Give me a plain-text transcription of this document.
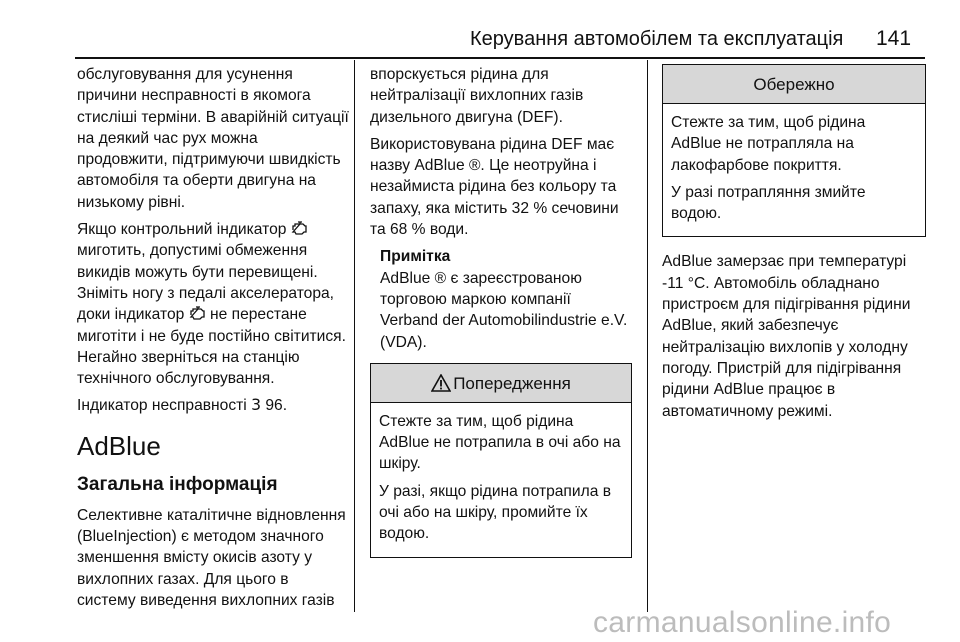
Керування автомобілем та експлуатація 141

обслуговування для усунення причини несправності в якомога стисліші терміни. В аварійній ситуації на деякий час рух можна продовжити, підтримуючи швидкість автомобіля та оберти двигуна на низькому рівні.

Якщо контрольний індикатор  миготить, допустимі обмеження викидів можуть бути перевищені. Зніміть ногу з педалі акселератора, доки індикатор не перестане миготіти і не буде постійно світитися. Негайно зверніться на станцію технічного обслуговування.

Індикатор несправності 3 96.

AdBlue
Загальна інформація

Селективне каталітичне відновлення (BlueInjection) є методом значного зменшення вмісту окисів азоту у вихлопних газах. Для цього в систему виведення вихлопних газів

впорскується рідина для нейтралізації вихлопних газів дизельного двигуна (DEF).

Використовувана рідина DEF має назву AdBlue ®. Це неотруйна і незаймиста рідина без кольору та запаху, яка містить 32 % сечовини та 68 % води.

Примітка
AdBlue ® є зареєстрованою торговою маркою компанії Verband der Automobilindustrie e.V. (VDA).
Попередження

Стежте за тим, щоб рідина AdBlue не потрапила в очі або на шкіру.

У разі, якщо рідина потрапила в очі або на шкіру, промийте їх водою.

Обережно

Стежте за тим, щоб рідина AdBlue не потрапляла на лакофарбове покриття.

У разі потрапляння змийте водою.

AdBlue замерзає при температурі -11 °C. Автомобіль обладнано пристроєм для підігрівання рідини AdBlue, який забезпечує нейтралізацію вихлопів у холодну погоду. Пристрій для підігрівання рідини AdBlue працює в автоматичному режимі.

carmanualsonline.info
